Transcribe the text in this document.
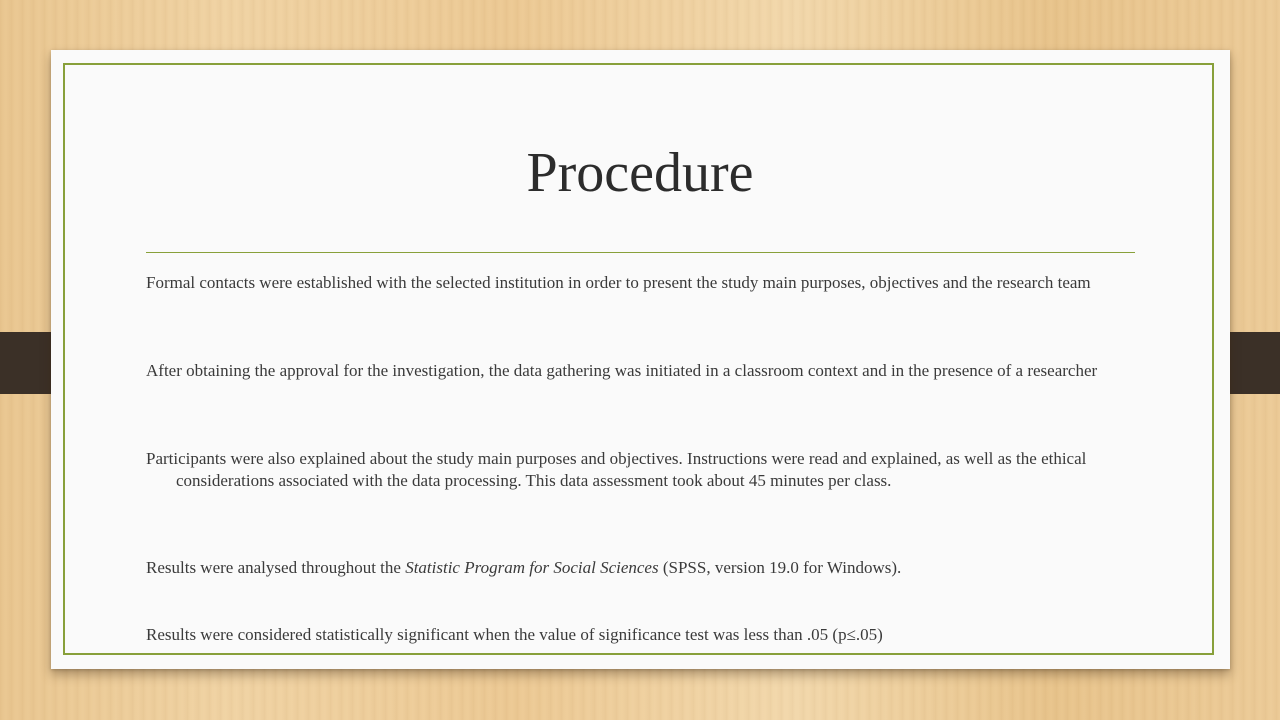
Procedure

Formal contacts were established with the selected institution in order to present the study main purposes, objectives and the research team

After obtaining the approval for the investigation, the data gathering was initiated in a classroom context and in the presence of a researcher

Participants were also explained about the study main purposes and objectives. Instructions were read and explained, as well as the ethical considerations associated with the data processing. This data assessment took about 45 minutes per class.

Results were analysed throughout the Statistic Program for Social Sciences (SPSS, version 19.0 for Windows).

Results were considered statistically significant when the value of significance test was less than .05 (p≤.05)
